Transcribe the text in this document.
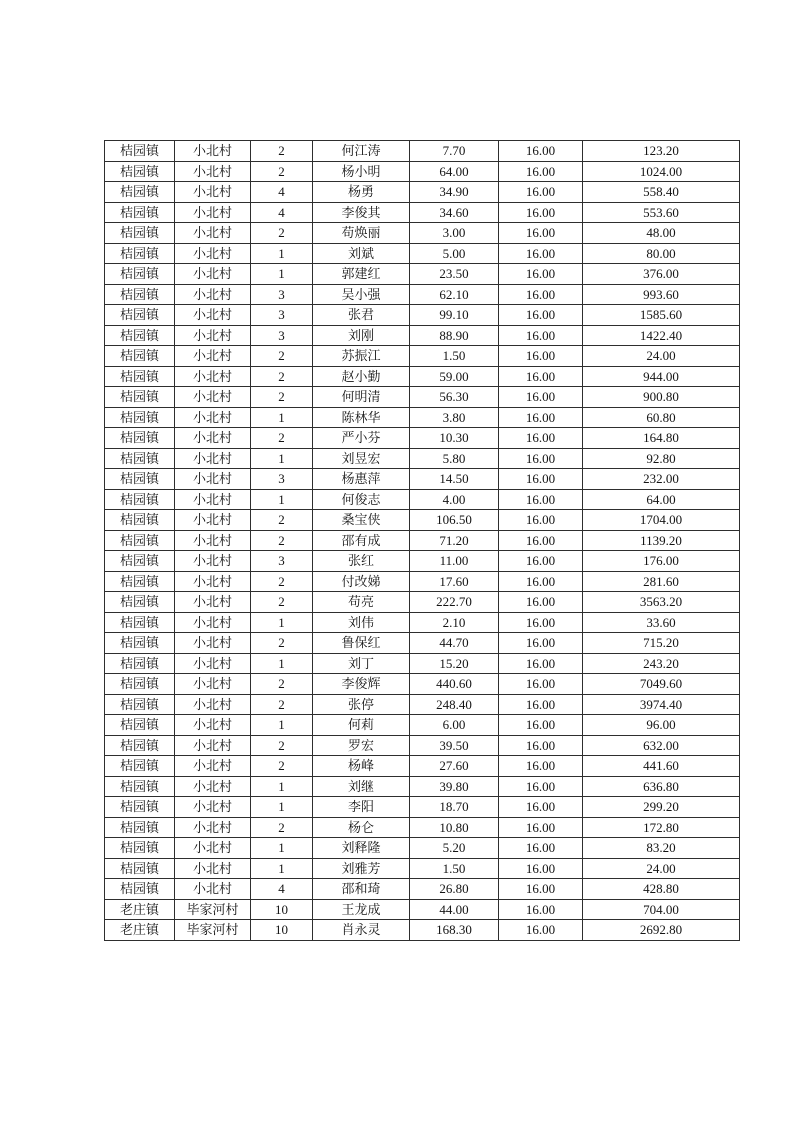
桔园镇	小北村	2	何江涛	7.70	16.00	123.20
桔园镇	小北村	2	杨小明	64.00	16.00	1024.00
桔园镇	小北村	4	杨勇	34.90	16.00	558.40
桔园镇	小北村	4	李俊其	34.60	16.00	553.60
桔园镇	小北村	2	苟焕丽	3.00	16.00	48.00
桔园镇	小北村	1	刘斌	5.00	16.00	80.00
桔园镇	小北村	1	郭建红	23.50	16.00	376.00
桔园镇	小北村	3	吴小强	62.10	16.00	993.60
桔园镇	小北村	3	张君	99.10	16.00	1585.60
桔园镇	小北村	3	刘刚	88.90	16.00	1422.40
桔园镇	小北村	2	苏振江	1.50	16.00	24.00
桔园镇	小北村	2	赵小勤	59.00	16.00	944.00
桔园镇	小北村	2	何明清	56.30	16.00	900.80
桔园镇	小北村	1	陈林华	3.80	16.00	60.80
桔园镇	小北村	2	严小芬	10.30	16.00	164.80
桔园镇	小北村	1	刘昱宏	5.80	16.00	92.80
桔园镇	小北村	3	杨惠萍	14.50	16.00	232.00
桔园镇	小北村	1	何俊志	4.00	16.00	64.00
桔园镇	小北村	2	桑宝侠	106.50	16.00	1704.00
桔园镇	小北村	2	邵有成	71.20	16.00	1139.20
桔园镇	小北村	3	张红	11.00	16.00	176.00
桔园镇	小北村	2	付改娣	17.60	16.00	281.60
桔园镇	小北村	2	苟亮	222.70	16.00	3563.20
桔园镇	小北村	1	刘伟	2.10	16.00	33.60
桔园镇	小北村	2	鲁保红	44.70	16.00	715.20
桔园镇	小北村	1	刘丁	15.20	16.00	243.20
桔园镇	小北村	2	李俊辉	440.60	16.00	7049.60
桔园镇	小北村	2	张停	248.40	16.00	3974.40
桔园镇	小北村	1	何莉	6.00	16.00	96.00
桔园镇	小北村	2	罗宏	39.50	16.00	632.00
桔园镇	小北村	2	杨峰	27.60	16.00	441.60
桔园镇	小北村	1	刘继	39.80	16.00	636.80
桔园镇	小北村	1	李阳	18.70	16.00	299.20
桔园镇	小北村	2	杨仑	10.80	16.00	172.80
桔园镇	小北村	1	刘释隆	5.20	16.00	83.20
桔园镇	小北村	1	刘雅芳	1.50	16.00	24.00
桔园镇	小北村	4	邵和琦	26.80	16.00	428.80
老庄镇	毕家河村	10	王龙成	44.00	16.00	704.00
老庄镇	毕家河村	10	肖永灵	168.30	16.00	2692.80
